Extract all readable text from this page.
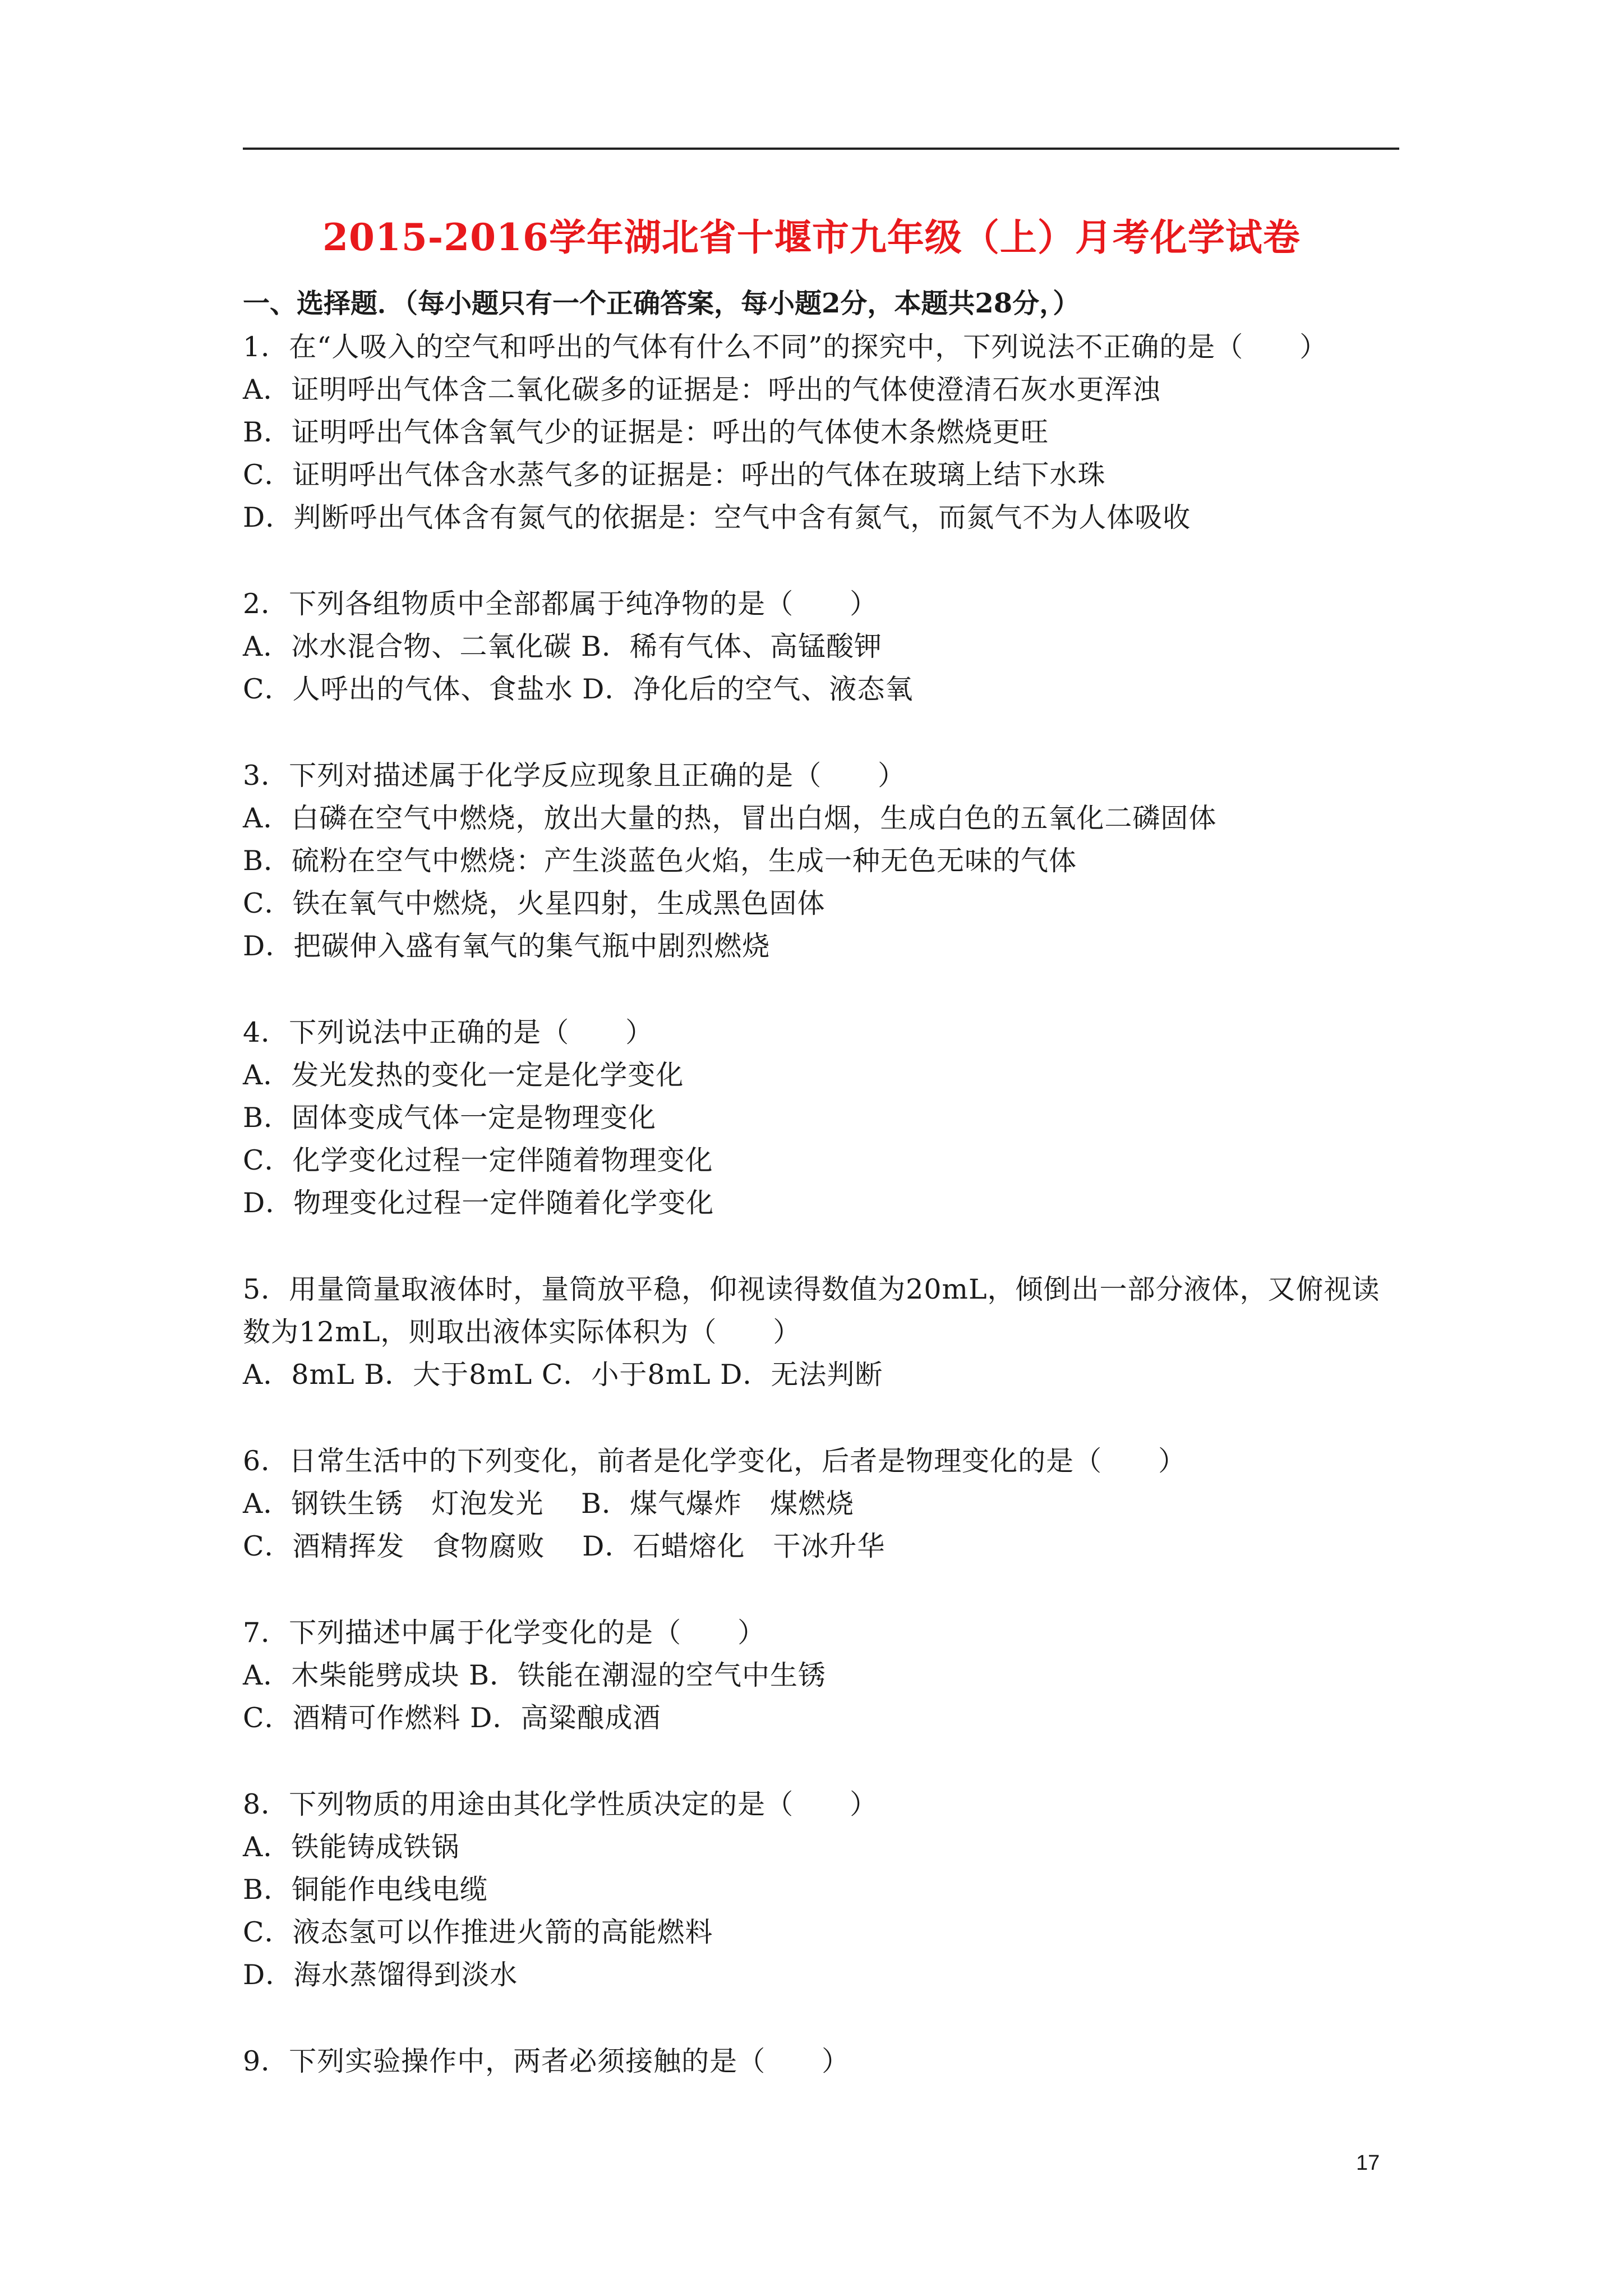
2015-2016学年湖北省十堰市九年级（上）月考化学试卷
一、选择题．（每小题只有一个正确答案，每小题2分，本题共28分，）
1．在“人吸入的空气和呼出的气体有什么不同”的探究中，下列说法不正确的是（　　）
A．证明呼出气体含二氧化碳多的证据是：呼出的气体使澄清石灰水更浑浊
B．证明呼出气体含氧气少的证据是：呼出的气体使木条燃烧更旺
C．证明呼出气体含水蒸气多的证据是：呼出的气体在玻璃上结下水珠
D．判断呼出气体含有氮气的依据是：空气中含有氮气，而氮气不为人体吸收
2．下列各组物质中全部都属于纯净物的是（　　）
A．冰水混合物、二氧化碳 B．稀有气体、高锰酸钾
C．人呼出的气体、食盐水 D．净化后的空气、液态氧
3．下列对描述属于化学反应现象且正确的是（　　）
A．白磷在空气中燃烧，放出大量的热，冒出白烟，生成白色的五氧化二磷固体
B．硫粉在空气中燃烧：产生淡蓝色火焰，生成一种无色无味的气体
C．铁在氧气中燃烧，火星四射，生成黑色固体
D．把碳伸入盛有氧气的集气瓶中剧烈燃烧
4．下列说法中正确的是（　　）
A．发光发热的变化一定是化学变化
B．固体变成气体一定是物理变化
C．化学变化过程一定伴随着物理变化
D．物理变化过程一定伴随着化学变化
5．用量筒量取液体时，量筒放平稳，仰视读得数值为20mL，倾倒出一部分液体，又俯视读
数为12mL，则取出液体实际体积为（　　）
A．8mL B．大于8mL C．小于8mL D．无法判断
6．日常生活中的下列变化，前者是化学变化，后者是物理变化的是（　　）
A．钢铁生锈　灯泡发光　 B．煤气爆炸　煤燃烧
C．酒精挥发　食物腐败　 D．石蜡熔化　干冰升华
7．下列描述中属于化学变化的是（　　）
A．木柴能劈成块 B．铁能在潮湿的空气中生锈
C．酒精可作燃料 D．高粱酿成酒
8．下列物质的用途由其化学性质决定的是（　　）
A．铁能铸成铁锅
B．铜能作电线电缆
C．液态氢可以作推进火箭的高能燃料
D．海水蒸馏得到淡水
9．下列实验操作中，两者必须接触的是（　　）
17
